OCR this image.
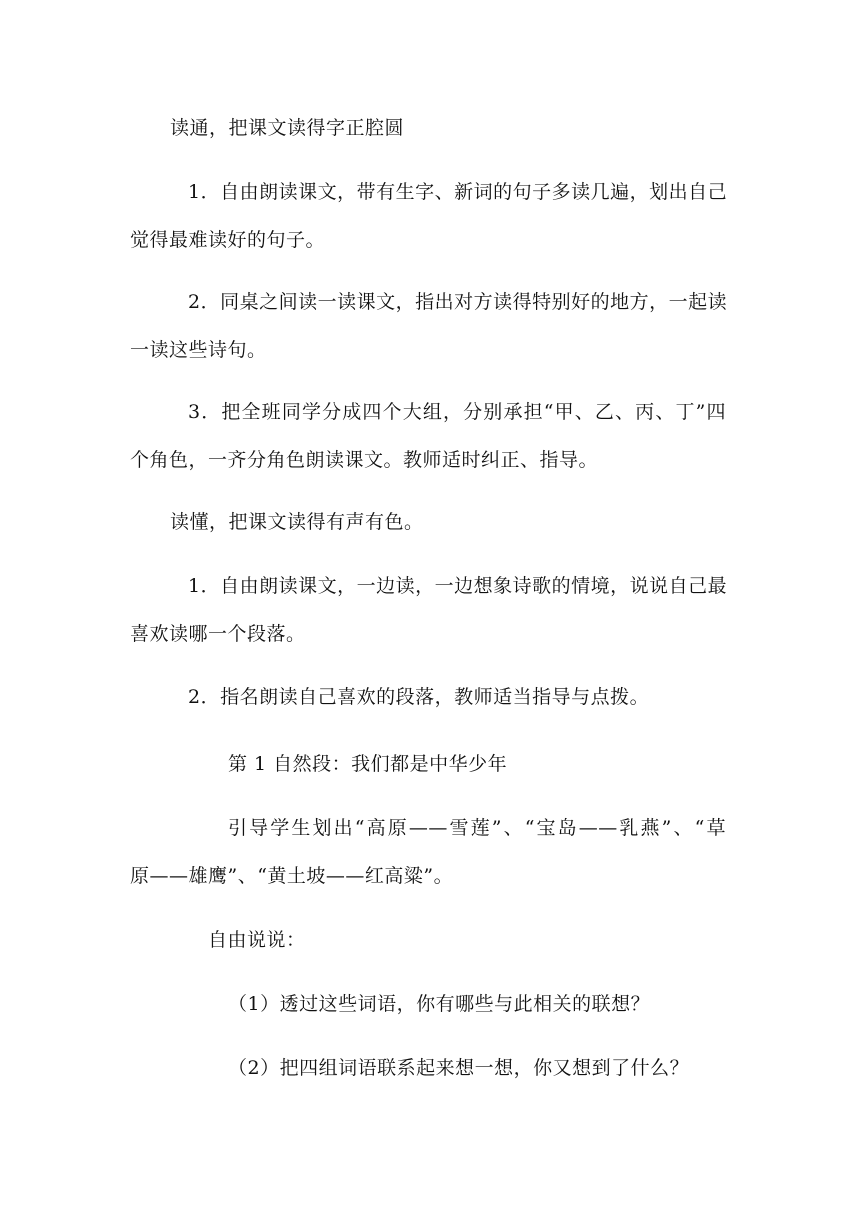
读通，把课文读得字正腔圆
1．自由朗读课文，带有生字、新词的句子多读几遍，划出自己
觉得最难读好的句子。
2．同桌之间读一读课文，指出对方读得特别好的地方，一起读
一读这些诗句。
3．把全班同学分成四个大组，分别承担“甲、乙、丙、丁”四
个角色，一齐分角色朗读课文。教师适时纠正、指导。
读懂，把课文读得有声有色。
1．自由朗读课文，一边读，一边想象诗歌的情境，说说自己最
喜欢读哪一个段落。
2．指名朗读自己喜欢的段落，教师适当指导与点拨。
第 1 自然段：我们都是中华少年
引导学生划出“高原——雪莲”、“宝岛——乳燕”、“草
原——雄鹰”、“黄土坡——红高粱”。
自由说说：
（1）透过这些词语，你有哪些与此相关的联想？
（2）把四组词语联系起来想一想，你又想到了什么？
